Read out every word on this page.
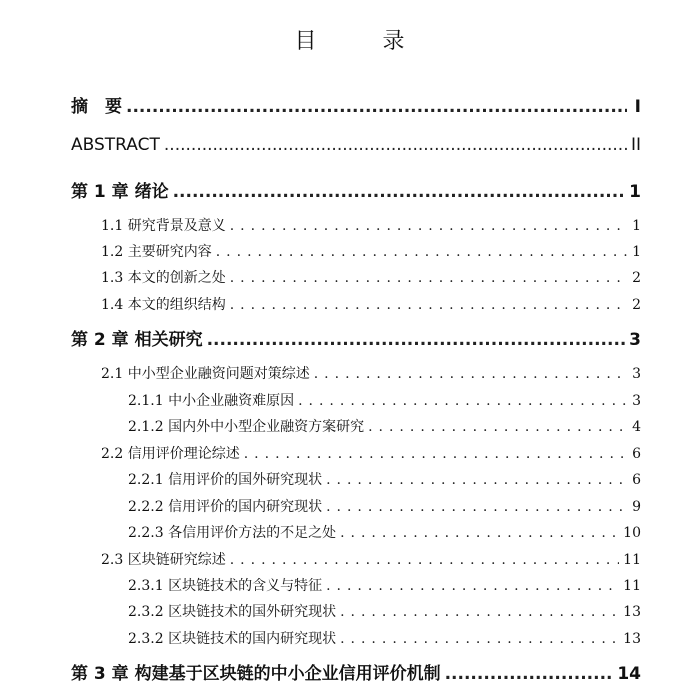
目　录
摘　要 .....	I
ABSTRACT .....	II
第 1 章 绪论 .....	1
1.1 研究背景及意义 .....	1
1.2 主要研究内容 .....	1
1.3 本文的创新之处 .....	2
1.4 本文的组织结构 .....	2
第 2 章 相关研究 .....	3
2.1 中小型企业融资问题对策综述 .....	3
2.1.1 中小企业融资难原因 .....	3
2.1.2 国内外中小型企业融资方案研究 .....	4
2.2 信用评价理论综述 .....	6
2.2.1 信用评价的国外研究现状 .....	6
2.2.2 信用评价的国内研究现状 .....	9
2.2.3 各信用评价方法的不足之处 .....	10
2.3 区块链研究综述 .....	11
2.3.1 区块链技术的含义与特征 .....	11
2.3.2 区块链技术的国外研究现状 .....	13
2.3.2 区块链技术的国内研究现状 .....	13
第 3 章 构建基于区块链的中小企业信用评价机制 .....	14
